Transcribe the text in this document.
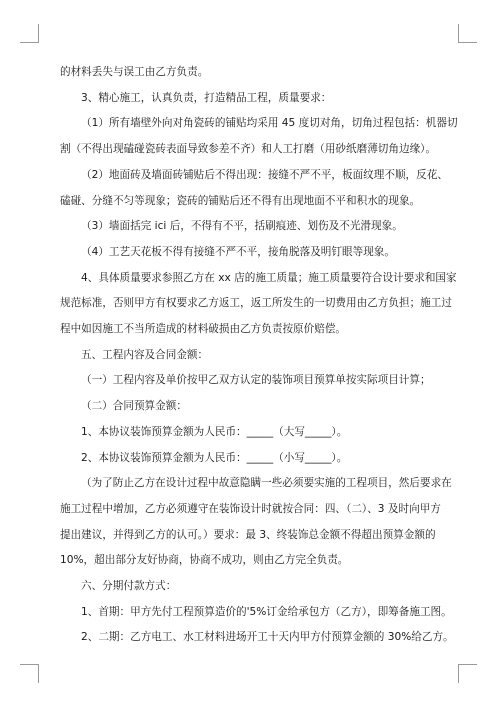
的材料丢失与误工由乙方负责。
3、精心施工，认真负责，打造精品工程，质量要求：
（1）所有墙壁外向对角瓷砖的铺贴均采用 45 度切对角，切角过程包括：机器切
割（不得出现磕碰瓷砖表面导致参差不齐）和人工打磨（用砂纸磨薄切角边缘）。
（2）地面砖及墙面砖铺贴后不得出现：接缝不严不平，板面纹理不顺，反花、
磕碰、分缝不匀等现象；瓷砖的铺贴后还不得有出现地面不平和积水的现象。
（3）墙面括完 ici 后，不得有不平，括刷痕迹、划伤及不光滑现象。
（4）工艺天花板不得有接缝不严不平，接角脱落及明钉眼等现象。
4、具体质量要求参照乙方在 xx 店的施工质量；施工质量要符合设计要求和国家
规范标准，否则甲方有权要求乙方返工，返工所发生的一切费用由乙方负担；施工过
程中如因施工不当所造成的材料破损由乙方负责按原价赔偿。
五、工程内容及合同金额：
（一）工程内容及单价按甲乙双方认定的装饰项目预算单按实际项目计算；
（二）合同预算金额：
1、本协议装饰预算金额为人民币：_____（大写_____）。
2、本协议装饰预算金额为人民币：_____（小写_____）。
（为了防止乙方在设计过程中故意隐瞒一些必须要实施的工程项目，然后要求在
施工过程中增加，乙方必须遵守在装饰设计时就按合同：四、（二）、3 及时向甲方
提出建议，并得到乙方的认可。）要求：最 3、终装饰总金额不得超出预算金额的
10%，超出部分友好协商，协商不成功，则由乙方完全负责。
六、分期付款方式：
1、首期：甲方先付工程预算造价的'5%订金给承包方（乙方），即筹备施工图。
2、二期：乙方电工、水工材料进场开工十天内甲方付预算金额的 30%给乙方。
